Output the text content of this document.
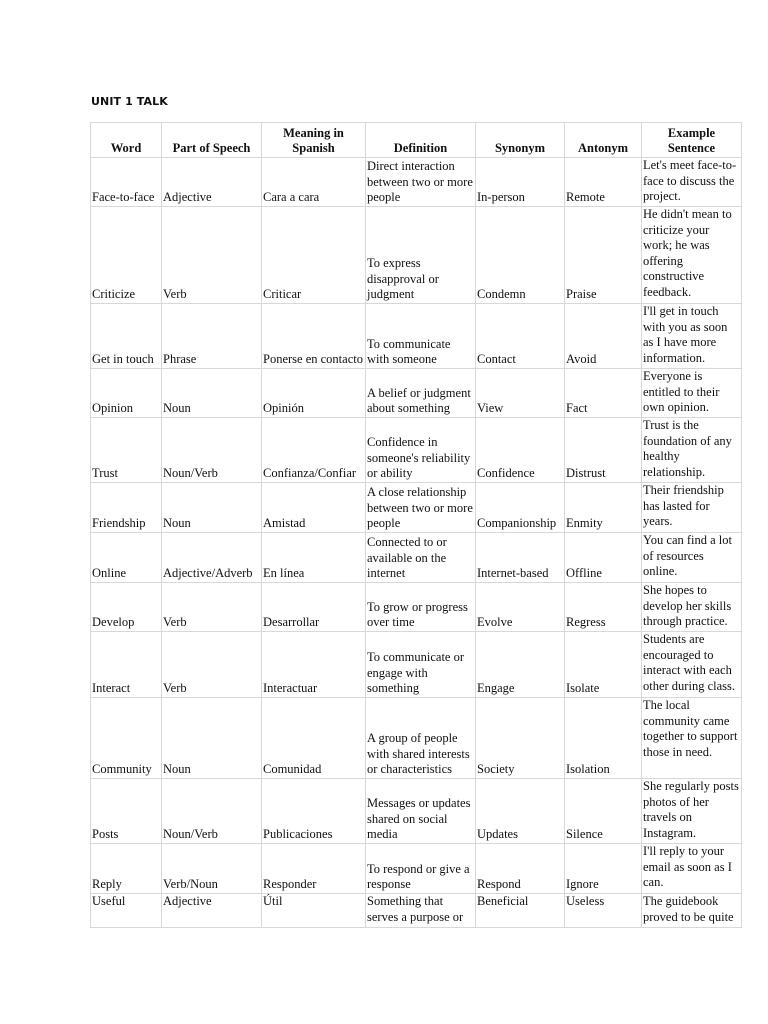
UNIT 1 TALK
Word	Part of Speech	Meaning in Spanish	Definition	Synonym	Antonym	Example Sentence
Face-to-face	Adjective	Cara a cara	Direct interaction between two or more people	In-person	Remote	Let's meet face-to-face to discuss the project.
Criticize	Verb	Criticar	To express disapproval or judgment	Condemn	Praise	He didn't mean to criticize your work; he was offering constructive feedback.
Get in touch	Phrase	Ponerse en contacto	To communicate with someone	Contact	Avoid	I'll get in touch with you as soon as I have more information.
Opinion	Noun	Opinión	A belief or judgment about something	View	Fact	Everyone is entitled to their own opinion.
Trust	Noun/Verb	Confianza/Confiar	Confidence in someone's reliability or ability	Confidence	Distrust	Trust is the foundation of any healthy relationship.
Friendship	Noun	Amistad	A close relationship between two or more people	Companionship	Enmity	Their friendship has lasted for years.
Online	Adjective/Adverb	En línea	Connected to or available on the internet	Internet-based	Offline	You can find a lot of resources online.
Develop	Verb	Desarrollar	To grow or progress over time	Evolve	Regress	She hopes to develop her skills through practice.
Interact	Verb	Interactuar	To communicate or engage with something	Engage	Isolate	Students are encouraged to interact with each other during class.
Community	Noun	Comunidad	A group of people with shared interests or characteristics	Society	Isolation	The local community came together to support those in need.
Posts	Noun/Verb	Publicaciones	Messages or updates shared on social media	Updates	Silence	She regularly posts photos of her travels on Instagram.
Reply	Verb/Noun	Responder	To respond or give a response	Respond	Ignore	I'll reply to your email as soon as I can.
Useful	Adjective	Útil	Something that serves a purpose or	Beneficial	Useless	The guidebook proved to be quite
